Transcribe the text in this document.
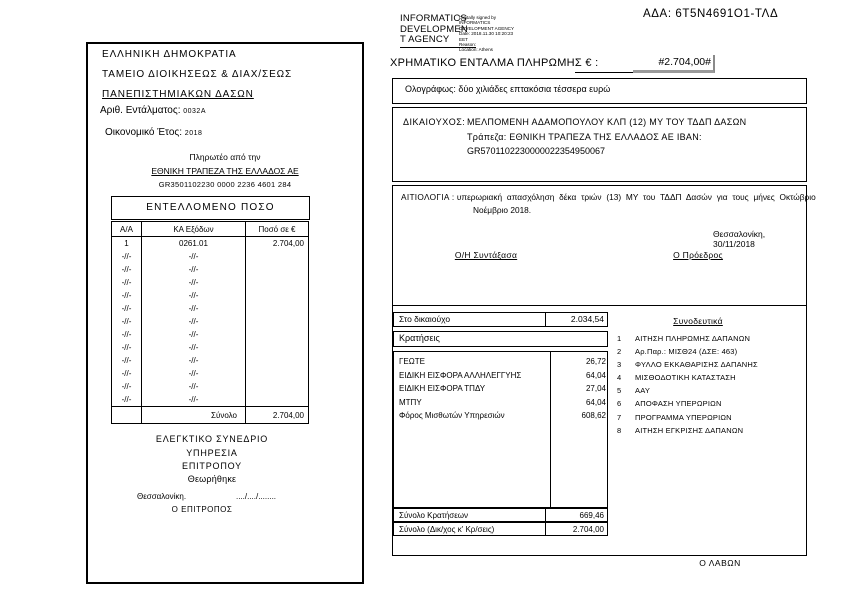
INFORMATICS
DEVELOPMEN
T AGENCY
Digitally signed by
INFORMATICS
DEVELOPMENT AGENCY
Date: 2018.11.30 10:20:23
EET
Reason:
Location: Athens
ΑΔΑ: 6Τ5Ν4691Ο1-ΤΛΔ
ΕΛΛΗΝΙΚΗ ΔΗΜΟΚΡΑΤΙΑ
ΤΑΜΕΙΟ ΔΙΟΙΚΗΣΕΩΣ & ΔΙΑΧ/ΣΕΩΣ
ΠΑΝΕΠΙΣΤΗΜΙΑΚΩΝ ΔΑΣΩΝ
Αριθ. Εντάλματος: 0032Α
Οικονομικό Έτος: 2018
Πληρωτέο από την
ΕΘΝΙΚΗ ΤΡΑΠΕΖΑ ΤΗΣ ΕΛΛΑΔΟΣ ΑΕ
GR3501102230 0000 2236 4601 284
ΕΝΤΕΛΛΟΜΕΝΟ ΠΟΣΟ
Α/Α	ΚΑ Εξόδων	Ποσό σε €
1	0261.01	2.704,00
-//-	-//-	
-//-	-//-	
-//-	-//-	
-//-	-//-	
-//-	-//-	
-//-	-//-	
-//-	-//-	
-//-	-//-	
-//-	-//-	
-//-	-//-	
-//-	-//-	
-//-	-//-	
	Σύνολο	2.704,00
ΕΛΕΓΚΤΙΚΟ ΣΥΝΕΔΡΙΟ
ΥΠΗΡΕΣΙΑ
ΕΠΙΤΡΟΠΟΥ
Θεωρήθηκε
Θεσσαλονίκη.	..../..../........
Ο ΕΠΙΤΡΟΠΟΣ
ΧΡΗΜΑΤΙΚΟ ΕΝΤΑΛΜΑ ΠΛΗΡΩΜΗΣ € :	#2.704,00#
Ολογράφως: δύο χιλιάδες επτακόσια τέσσερα ευρώ
ΔΙΚΑΙΟΥΧΟΣ: ΜΕΛΠΟΜΕΝΗ ΑΔΑΜΟΠΟΥΛΟΥ ΚΛΠ (12) ΜΥ ΤΟΥ ΤΔΔΠ ΔΑΣΩΝ
Τράπεζα: ΕΘΝΙΚΗ ΤΡΑΠΕΖΑ ΤΗΣ ΕΛΛΑΔΟΣ ΑΕ ΙΒΑΝ:
GR5701102230000022354950067
ΑΙΤΙΟΛΟΓΙΑ : υπερωριακή απασχόληση δέκα τριών (13) ΜΥ του ΤΔΔΠ Δασών για τους μήνες Οκτώβριο
Νοέμβριο 2018.
Θεσσαλονίκη, 30/11/2018
Ο/Η Συντάξασα	Ο Πρόεδρος
Στο δικαιούχο	2.034,54
Κρατήσεις
ΓΕΩΤΕ	26,72
ΕΙΔΙΚΗ ΕΙΣΦΟΡΑ ΑΛΛΗΛΕΓΓΥΗΣ	64,04
ΕΙΔΙΚΗ ΕΙΣΦΟΡΑ ΤΠΔΥ	27,04
ΜΤΠΥ	64,04
Φόρος Μισθωτών Υπηρεσιών	608,62
Σύνολο Κρατήσεων	669,46
Σύνολο (Δικ/χος κ' Κρ/σεις)	2.704,00
Συνοδευτικά
1	ΑΙΤΗΣΗ ΠΛΗΡΩΜΗΣ ΔΑΠΑΝΩΝ
2	Αρ.Παρ.: ΜΙΣΘ24 (ΔΣΕ: 463)
3	ΦΥΛΛΟ ΕΚΚΑΘΑΡΙΣΗΣ ΔΑΠΑΝΗΣ
4	ΜΙΣΘΟΔΟΤΙΚΗ ΚΑΤΑΣΤΑΣΗ
5	ΑΑΥ
6	ΑΠΟΦΑΣΗ ΥΠΕΡΩΡΙΩΝ
7	ΠΡΟΓΡΑΜΜΑ ΥΠΕΡΩΡΙΩΝ
8	ΑΙΤΗΣΗ ΕΓΚΡΙΣΗΣ ΔΑΠΑΝΩΝ
Ο ΛΑΒΩΝ
